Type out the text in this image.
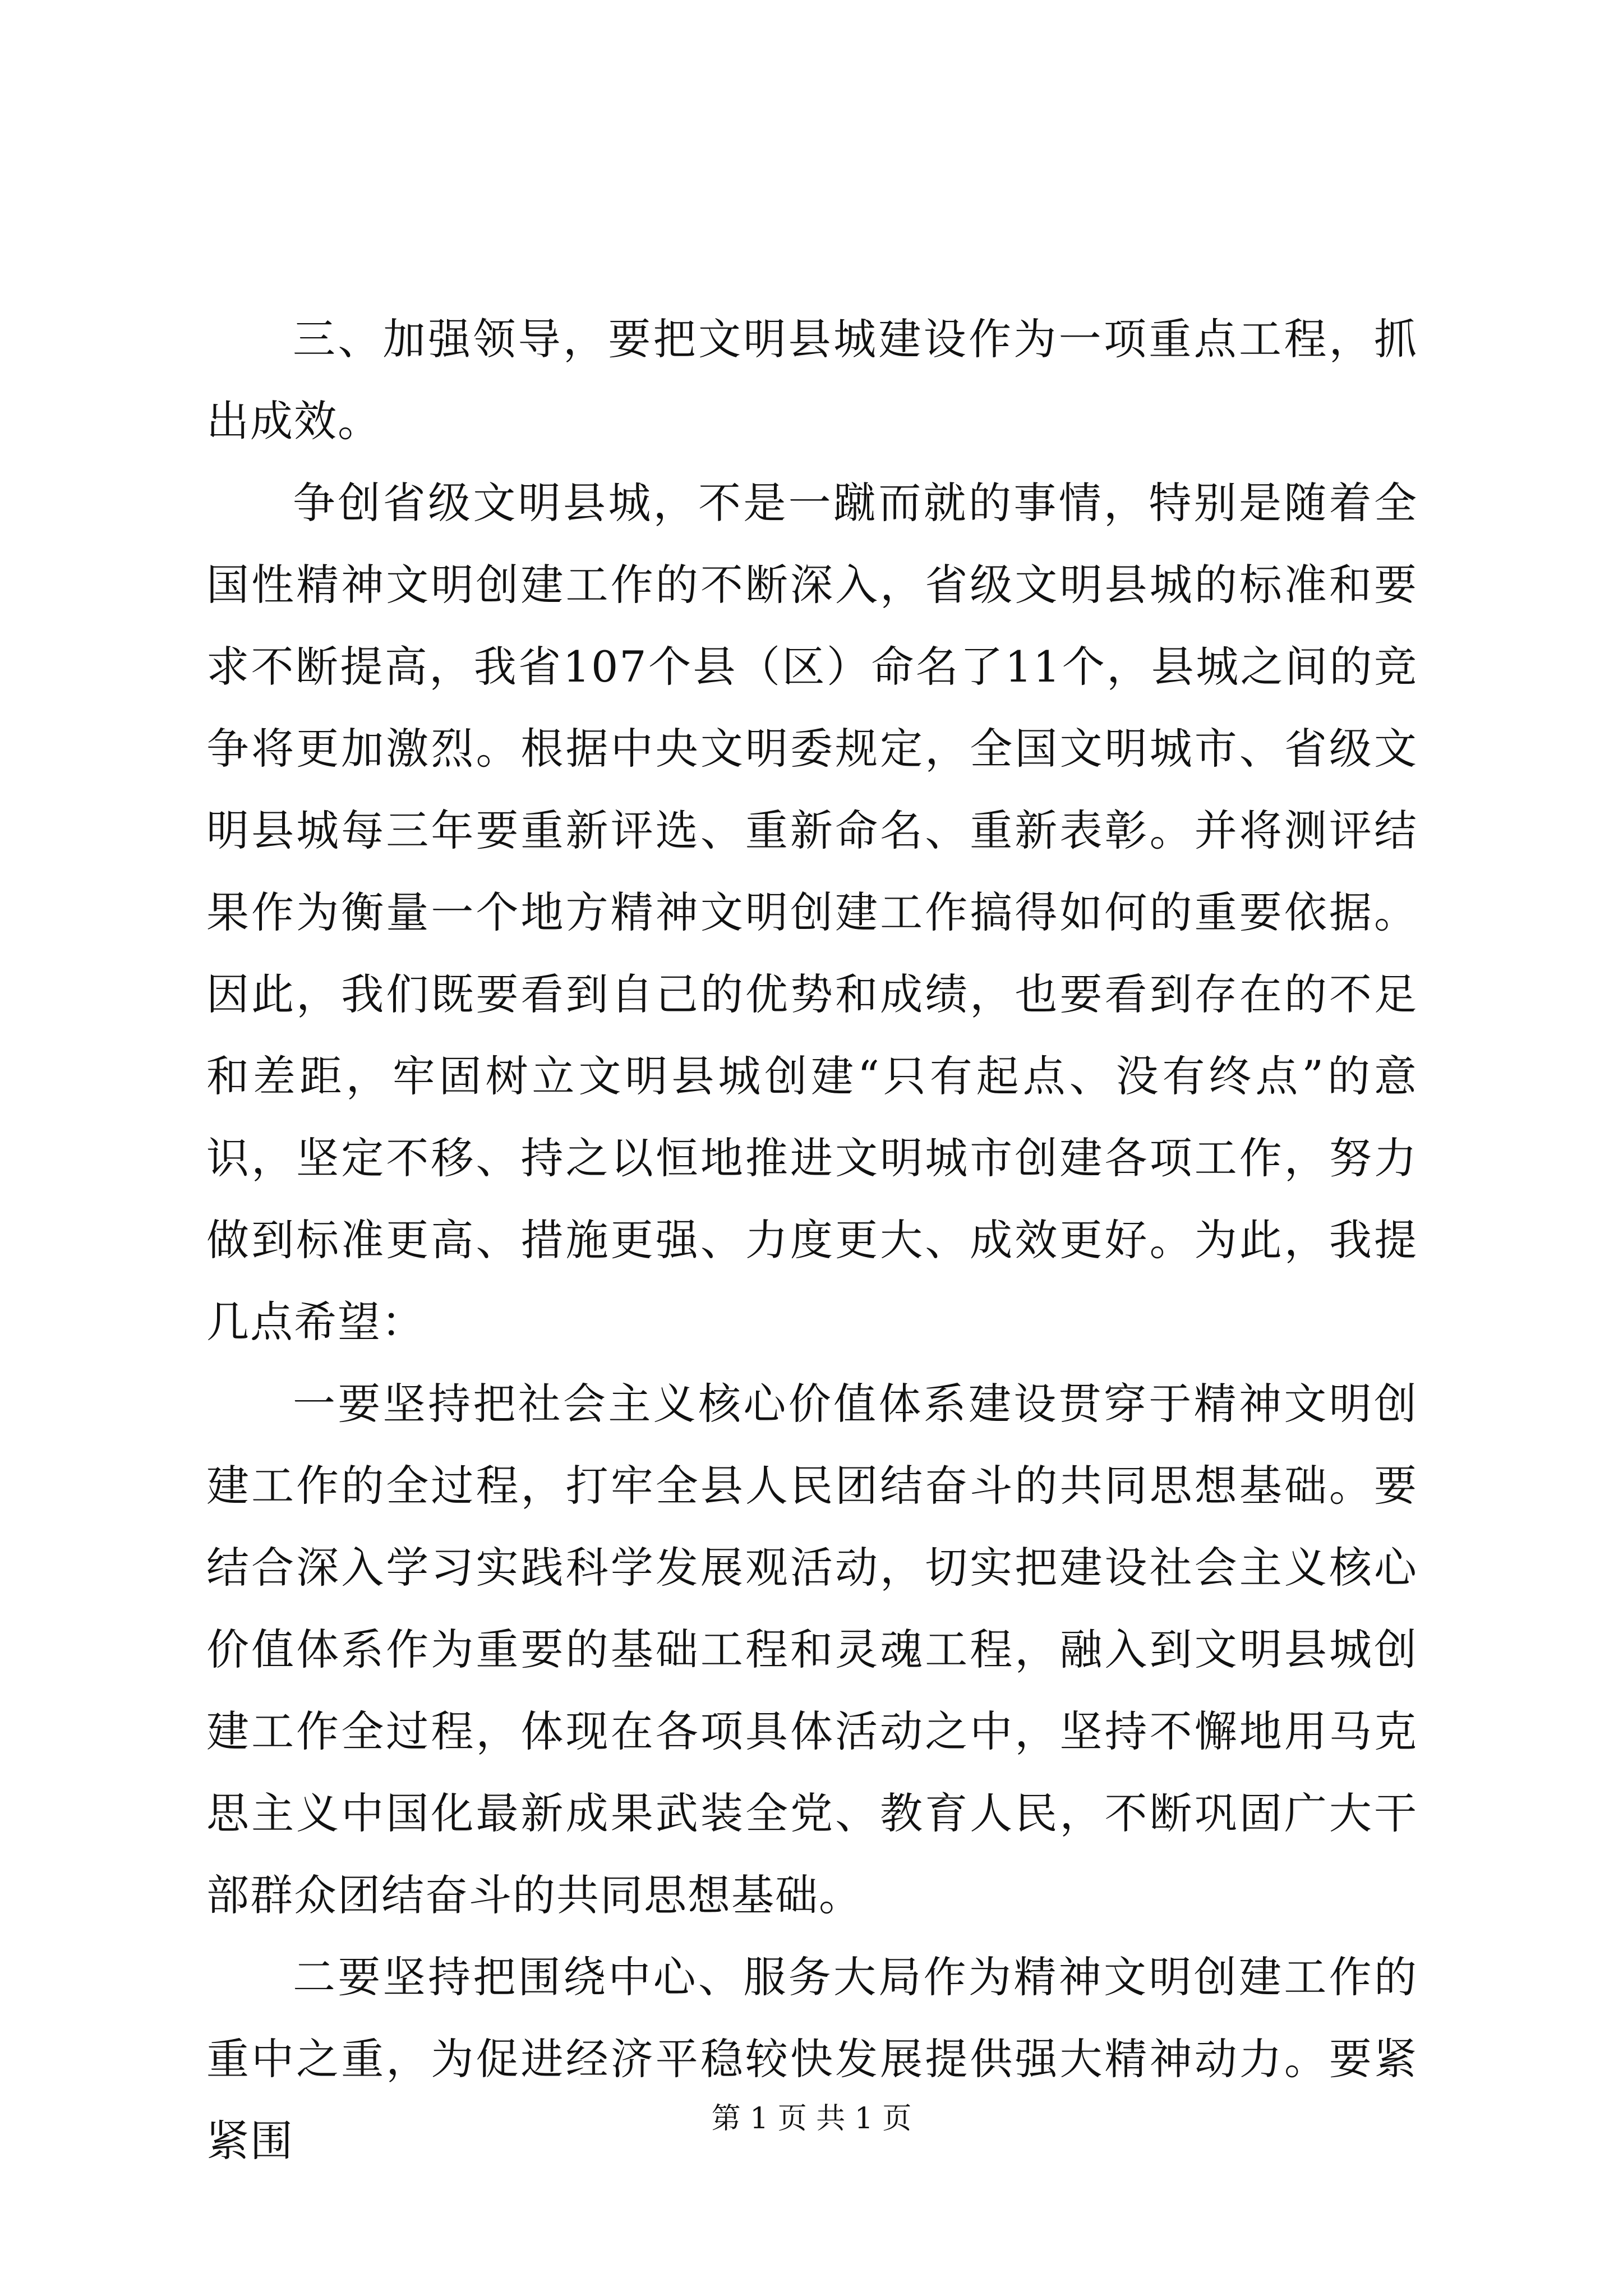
三、加强领导，要把文明县城建设作为一项重点工程，抓出成效。

争创省级文明县城，不是一蹴而就的事情，特别是随着全国性精神文明创建工作的不断深入，省级文明县城的标准和要求不断提高，我省107个县（区）命名了11个，县城之间的竞争将更加激烈。根据中央文明委规定，全国文明城市、省级文明县城每三年要重新评选、重新命名、重新表彰。并将测评结果作为衡量一个地方精神文明创建工作搞得如何的重要依据。因此，我们既要看到自己的优势和成绩，也要看到存在的不足和差距，牢固树立文明县城创建“只有起点、没有终点”的意识，坚定不移、持之以恒地推进文明城市创建各项工作，努力做到标准更高、措施更强、力度更大、成效更好。为此，我提几点希望：

一要坚持把社会主义核心价值体系建设贯穿于精神文明创建工作的全过程，打牢全县人民团结奋斗的共同思想基础。要结合深入学习实践科学发展观活动，切实把建设社会主义核心价值体系作为重要的基础工程和灵魂工程，融入到文明县城创建工作全过程，体现在各项具体活动之中，坚持不懈地用马克思主义中国化最新成果武装全党、教育人民，不断巩固广大干部群众团结奋斗的共同思想基础。

二要坚持把围绕中心、服务大局作为精神文明创建工作的重中之重，为促进经济平稳较快发展提供强大精神动力。要紧紧围	第 1 页 共 1 页
